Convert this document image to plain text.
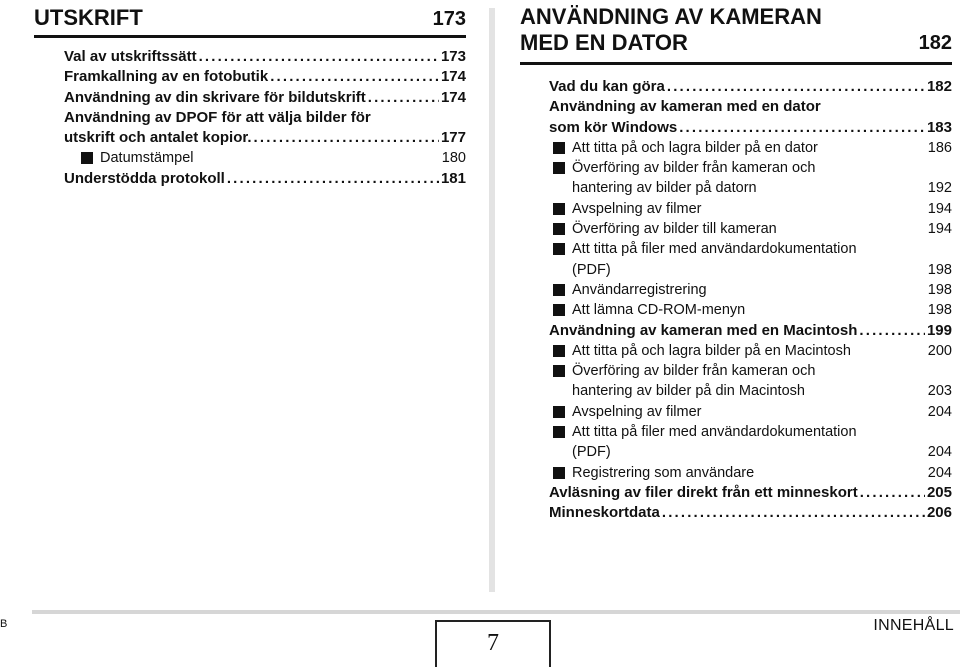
UTSKRIFT	173
Val av utskriftssätt . . .	173
Framkallning av en fotobutik . . .	174
Användning av din skrivare för bildutskrift . . .	174
Användning av DPOF för att välja bilder för
utskrift och antalet kopior. . . .	177
Datumstämpel	180
Understödda protokoll . . .	181
ANVÄNDNING AV KAMERAN
MED EN DATOR	182
Vad du kan göra . . .	182
Användning av kameran med en dator
som kör Windows . . .	183
Att titta på och lagra bilder på en dator	186
Överföring av bilder från kameran och
hantering av bilder på datorn	192
Avspelning av filmer	194
Överföring av bilder till kameran	194
Att titta på filer med användardokumentation
(PDF)	198
Användarregistrering	198
Att lämna CD-ROM-menyn	198
Användning av kameran med en Macintosh . . .	199
Att titta på och lagra bilder på en Macintosh	200
Överföring av bilder från kameran och
hantering av bilder på din Macintosh	203
Avspelning av filmer	204
Att titta på filer med användardokumentation
(PDF)	204
Registrering som användare	204
Avläsning av filer direkt från ett minneskort . . .	205
Minneskortdata . . .	206
B
7
INNEHÅLL
